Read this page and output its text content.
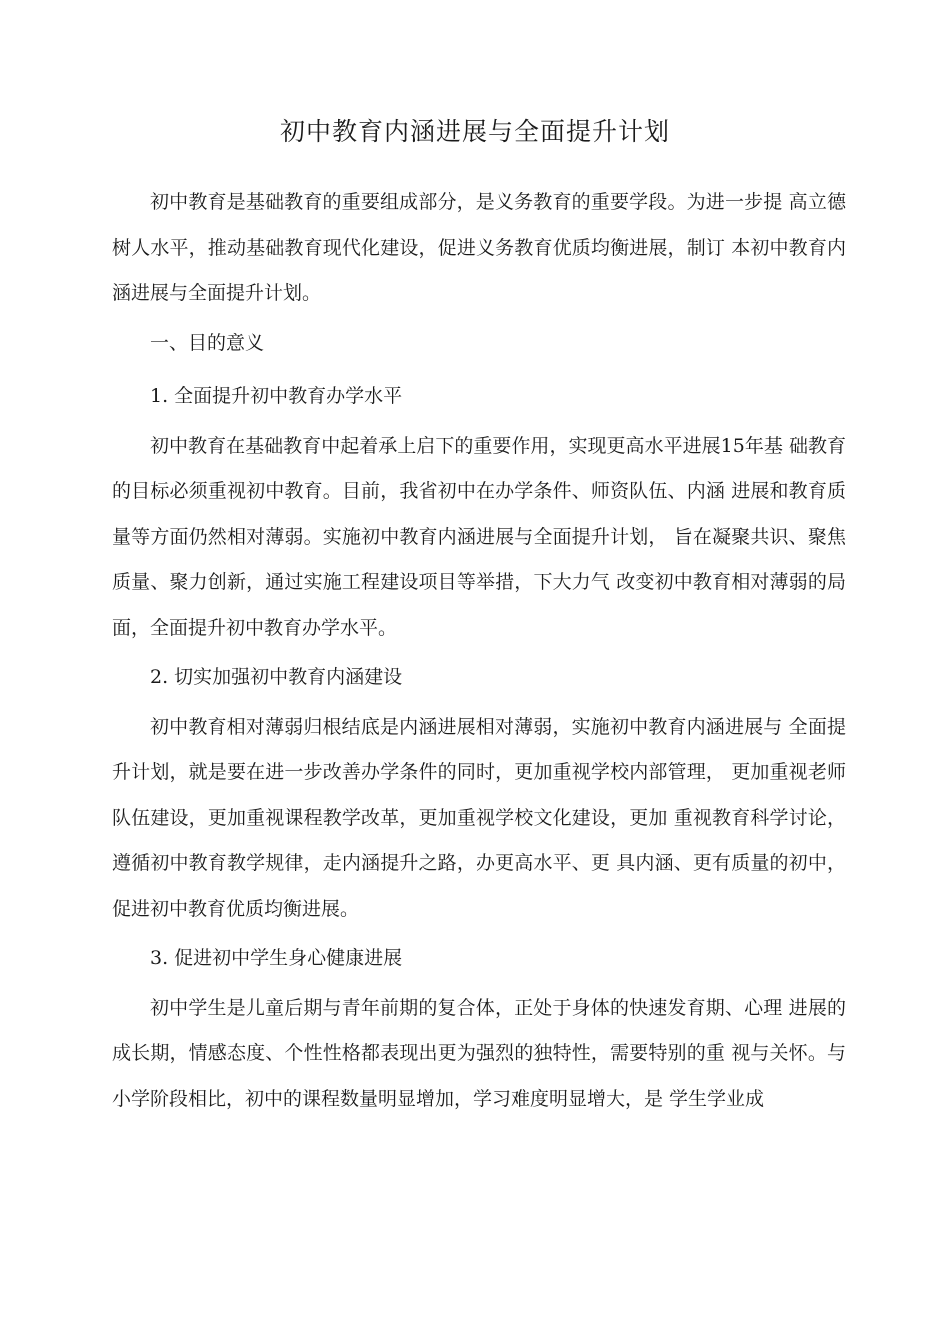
初中教育内涵进展与全面提升计划

初中教育是基础教育的重要组成部分，是义务教育的重要学段。为进一步提 高立德树人水平，推动基础教育现代化建设，促进义务教育优质均衡进展，制订 本初中教育内涵进展与全面提升计划。

一、目的意义

1. 全面提升初中教育办学水平

初中教育在基础教育中起着承上启下的重要作用，实现更高水平进展15年基 础教育的目标必须重视初中教育。目前，我省初中在办学条件、师资队伍、内涵 进展和教育质量等方面仍然相对薄弱。实施初中教育内涵进展与全面提升计划， 旨在凝聚共识、聚焦质量、聚力创新，通过实施工程建设项目等举措，下大力气 改变初中教育相对薄弱的局面，全面提升初中教育办学水平。

2. 切实加强初中教育内涵建设

初中教育相对薄弱归根结底是内涵进展相对薄弱，实施初中教育内涵进展与 全面提升计划，就是要在进一步改善办学条件的同时，更加重视学校内部管理， 更加重视老师队伍建设，更加重视课程教学改革，更加重视学校文化建设，更加 重视教育科学讨论，遵循初中教育教学规律，走内涵提升之路，办更高水平、更 具内涵、更有质量的初中，促进初中教育优质均衡进展。

3. 促进初中学生身心健康进展

初中学生是儿童后期与青年前期的复合体，正处于身体的快速发育期、心理 进展的成长期，情感态度、个性性格都表现出更为强烈的独特性，需要特别的重 视与关怀。与小学阶段相比，初中的课程数量明显增加，学习难度明显增大，是 学生学业成
